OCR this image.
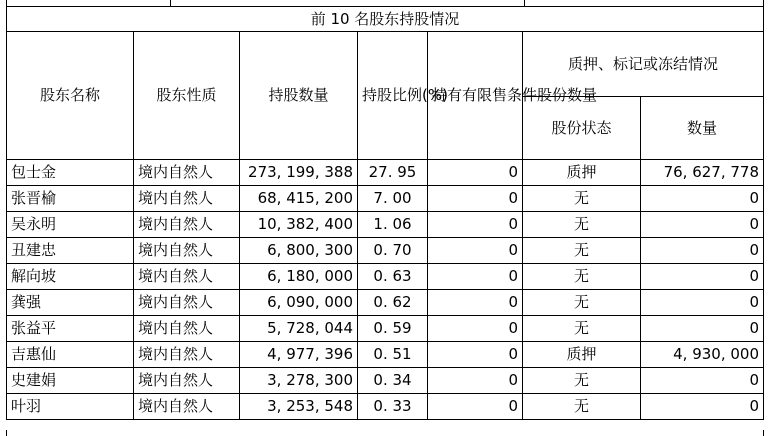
前 10 名股东持股情况						
股东名称	股东性质	持股数量	持股比例(%)	持有有限售条件股份数量	质押、标记或冻结情况	
					股份状态	数量
包士金	境内自然人	273, 199, 388	27. 95	0	质押	76, 627, 778
张晋榆	境内自然人	68, 415, 200	7. 00	0	无	0
吴永明	境内自然人	10, 382, 400	1. 06	0	无	0
丑建忠	境内自然人	6, 800, 300	0. 70	0	无	0
解向坡	境内自然人	6, 180, 000	0. 63	0	无	0
龚强	境内自然人	6, 090, 000	0. 62	0	无	0
张益平	境内自然人	5, 728, 044	0. 59	0	无	0
吉惠仙	境内自然人	4, 977, 396	0. 51	0	质押	4, 930, 000
史建娟	境内自然人	3, 278, 300	0. 34	0	无	0
叶羽	境内自然人	3, 253, 548	0. 33	0	无	0
